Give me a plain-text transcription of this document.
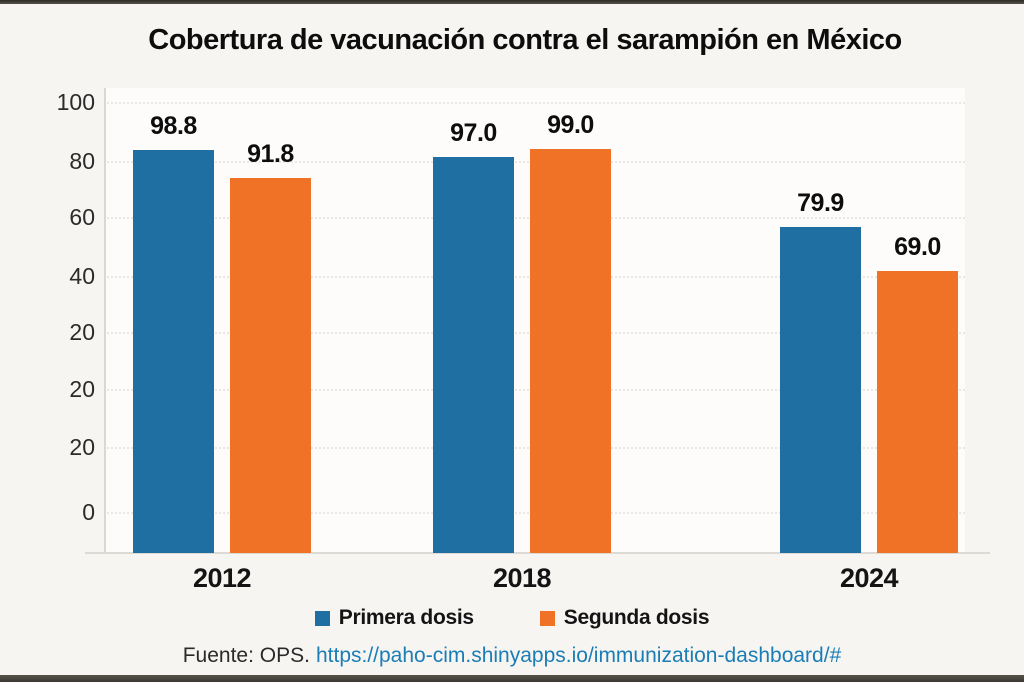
Cobertura de vacunación contra el sarampión en México
100
80
60
40
20
20
20
0
98.8
91.8
2012
97.0	99.0
2018
79.9
69.0
2024
Primera dosis	Segunda dosis
Fuente: OPS. https://paho-cim.shinyapps.io/immunization-dashboard/#
